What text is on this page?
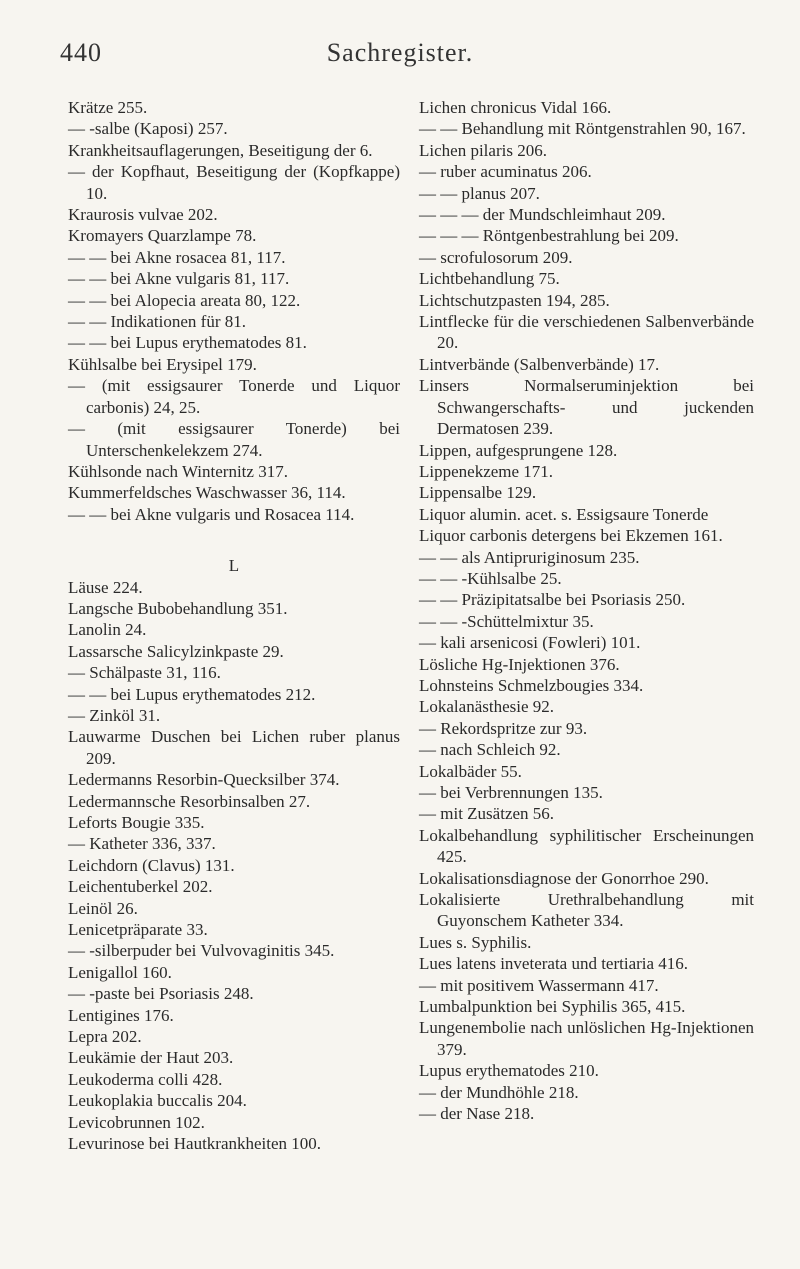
440	Sachregister.

Krätze 255.

— -salbe (Kaposi) 257.

Krankheitsauflagerungen, Beseitigung der 6.

— der Kopfhaut, Beseitigung der (Kopfkappe) 10.

Kraurosis vulvae 202.

Kromayers Quarzlampe 78.

— — bei Akne rosacea 81, 117.

— — bei Akne vulgaris 81, 117.

— — bei Alopecia areata 80, 122.

— — Indikationen für 81.

— — bei Lupus erythematodes 81.

Kühlsalbe bei Erysipel 179.

— (mit essigsaurer Tonerde und Liquor carbonis) 24, 25.

— (mit essigsaurer Tonerde) bei Unterschenkelekzem 274.

Kühlsonde nach Winternitz 317.

Kummerfeldsches Waschwasser 36, 114.

— — bei Akne vulgaris und Rosacea 114.

L

Läuse 224.

Langsche Bubobehandlung 351.

Lanolin 24.

Lassarsche Salicylzinkpaste 29.

— Schälpaste 31, 116.

— — bei Lupus erythematodes 212.

— Zinköl 31.

Lauwarme Duschen bei Lichen ruber planus 209.

Ledermanns Resorbin-Quecksilber 374.

Ledermannsche Resorbinsalben 27.

Leforts Bougie 335.

— Katheter 336, 337.

Leichdorn (Clavus) 131.

Leichentuberkel 202.

Leinöl 26.

Lenicetpräparate 33.

— -silberpuder bei Vulvovaginitis 345.

Lenigallol 160.

— -paste bei Psoriasis 248.

Lentigines 176.

Lepra 202.

Leukämie der Haut 203.

Leukoderma colli 428.

Leukoplakia buccalis 204.

Levicobrunnen 102.

Levurinose bei Hautkrankheiten 100.

Lichen chronicus Vidal 166.

— — Behandlung mit Röntgenstrahlen 90, 167.

Lichen pilaris 206.

— ruber acuminatus 206.

— — planus 207.

— — — der Mundschleimhaut 209.

— — — Röntgenbestrahlung bei 209.

— scrofulosorum 209.

Lichtbehandlung 75.

Lichtschutzpasten 194, 285.

Lintflecke für die verschiedenen Salbenverbände 20.

Lintverbände (Salbenverbände) 17.

Linsers Normalseruminjektion bei Schwangerschafts- und juckenden Dermatosen 239.

Lippen, aufgesprungene 128.

Lippenekzeme 171.

Lippensalbe 129.

Liquor alumin. acet. s. Essigsaure Tonerde

Liquor carbonis detergens bei Ekzemen 161.

— — als Antipruriginosum 235.

— — -Kühlsalbe 25.

— — Präzipitatsalbe bei Psoriasis 250.

— — -Schüttelmixtur 35.

— kali arsenicosi (Fowleri) 101.

Lösliche Hg-Injektionen 376.

Lohnsteins Schmelzbougies 334.

Lokalanästhesie 92.

— Rekordspritze zur 93.

— nach Schleich 92.

Lokalbäder 55.

— bei Verbrennungen 135.

— mit Zusätzen 56.

Lokalbehandlung syphilitischer Erscheinungen 425.

Lokalisationsdiagnose der Gonorrhoe 290.

Lokalisierte Urethralbehandlung mit Guyonschem Katheter 334.

Lues s. Syphilis.

Lues latens inveterata und tertiaria 416.

— mit positivem Wassermann 417.

Lumbalpunktion bei Syphilis 365, 415.

Lungenembolie nach unlöslichen Hg-Injektionen 379.

Lupus erythematodes 210.

— der Mundhöhle 218.

— der Nase 218.
